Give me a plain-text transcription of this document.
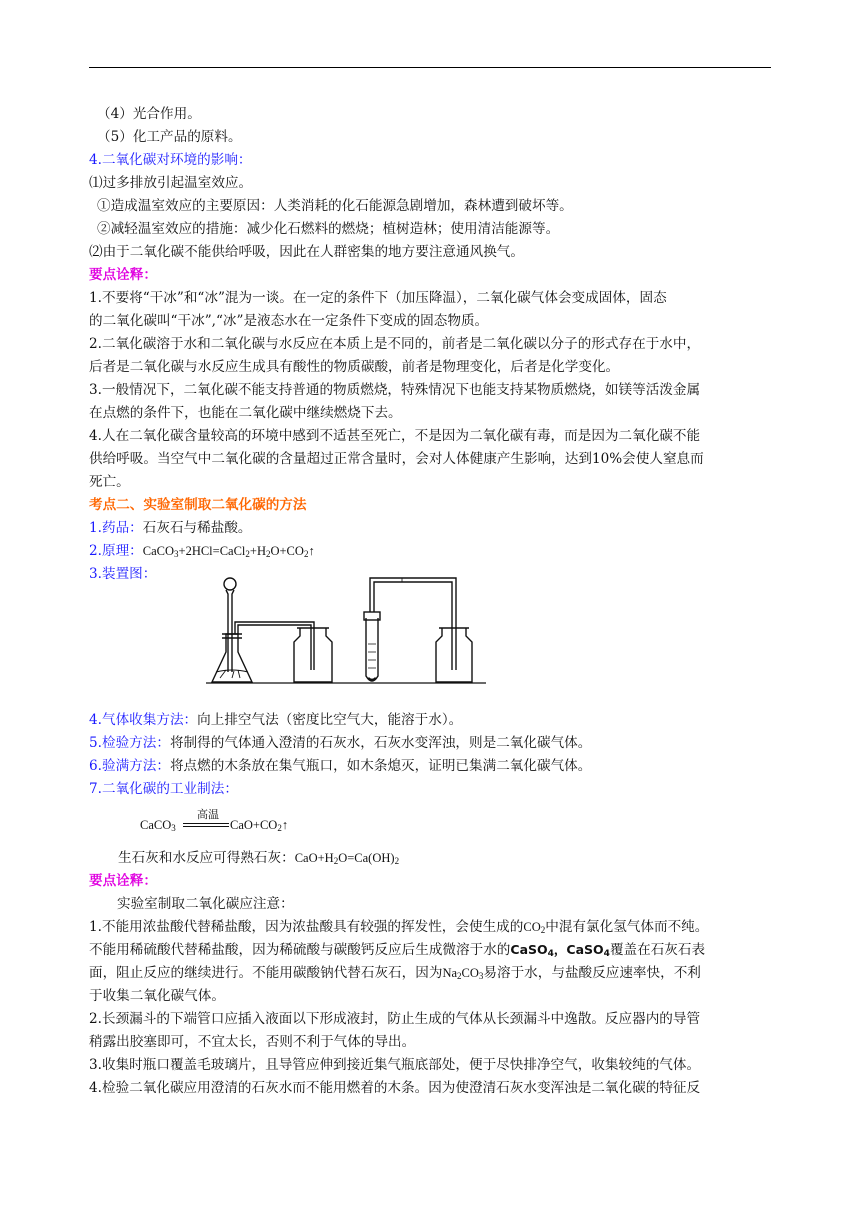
（4）光合作用。
（5）化工产品的原料。
4.二氧化碳对环境的影响：
⑴过多排放引起温室效应。
①造成温室效应的主要原因：人类消耗的化石能源急剧增加，森林遭到破坏等。
②减轻温室效应的措施：减少化石燃料的燃烧；植树造林；使用清洁能源等。
⑵由于二氧化碳不能供给呼吸，因此在人群密集的地方要注意通风换气。
要点诠释：
1.不要将“干冰”和“冰”混为一谈。在一定的条件下（加压降温），二氧化碳气体会变成固体，固态
的二氧化碳叫“干冰”,“冰”是液态水在一定条件下变成的固态物质。
2.二氧化碳溶于水和二氧化碳与水反应在本质上是不同的，前者是二氧化碳以分子的形式存在于水中，
后者是二氧化碳与水反应生成具有酸性的物质碳酸，前者是物理变化，后者是化学变化。
3.一般情况下，二氧化碳不能支持普通的物质燃烧，特殊情况下也能支持某物质燃烧，如镁等活泼金属
在点燃的条件下，也能在二氧化碳中继续燃烧下去。
4.人在二氧化碳含量较高的环境中感到不适甚至死亡，不是因为二氧化碳有毒，而是因为二氧化碳不能
供给呼吸。当空气中二氧化碳的含量超过正常含量时，会对人体健康产生影响，达到10%会使人窒息而
死亡。
考点二、实验室制取二氧化碳的方法
1.药品：石灰石与稀盐酸。
2.原理：$CaCO_3+2HCl=CaCl_2+H_2O+CO_2↑$
3.装置图：
4.气体收集方法：向上排空气法（密度比空气大，能溶于水）。
5.检验方法：将制得的气体通入澄清的石灰水，石灰水变浑浊，则是二氧化碳气体。
6.验满方法：将点燃的木条放在集气瓶口，如木条熄灭，证明已集满二氧化碳气体。
7.二氧化碳的工业制法：
CaCO$_3$
高温
$CaO+CO_2↑$
生石灰和水反应可得熟石灰：$CaO+H_2O=Ca(OH)_2$
要点诠释：
实验室制取二氧化碳应注意：
1.不能用浓盐酸代替稀盐酸，因为浓盐酸具有较强的挥发性，会使生成的$CO_2$中混有氯化氢气体而不纯。
不能用稀硫酸代替稀盐酸，因为稀硫酸与碳酸钙反应后生成微溶于水的CaSO$_4$，CaSO$_4$覆盖在石灰石表
面，阻止反应的继续进行。不能用碳酸钠代替石灰石，因为$Na_2CO_3$易溶于水，与盐酸反应速率快，不利
于收集二氧化碳气体。
2.长颈漏斗的下端管口应插入液面以下形成液封，防止生成的气体从长颈漏斗中逸散。反应器内的导管
稍露出胶塞即可，不宜太长，否则不利于气体的导出。
3.收集时瓶口覆盖毛玻璃片，且导管应伸到接近集气瓶底部处，便于尽快排净空气，收集较纯的气体。
4.检验二氧化碳应用澄清的石灰水而不能用燃着的木条。因为使澄清石灰水变浑浊是二氧化碳的特征反
